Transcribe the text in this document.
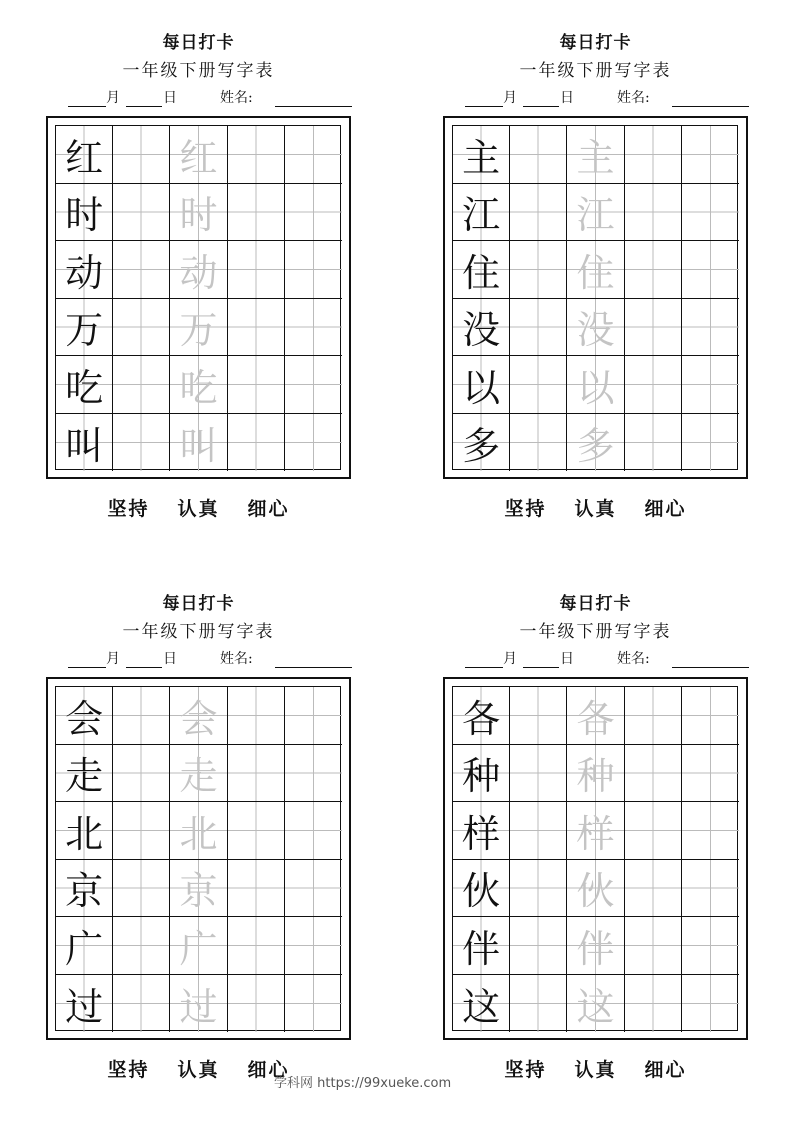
每日打卡
一年级下册写字表
月	日	姓名:
红 红
时 时
动 动
万 万
吃 吃
叫 叫
坚持 认真 细心
每日打卡
一年级下册写字表
月	日	姓名:
主 主
江 江
住 住
没 没
以 以
多 多
坚持 认真 细心
每日打卡
一年级下册写字表
月	日	姓名:
会 会
走 走
北 北
京 京
广 广
过 过
坚持 认真 细心
每日打卡
一年级下册写字表
月	日	姓名:
各 各
种 种
样 样
伙 伙
伴 伴
这 这
坚持 认真 细心
学科网 https://99xueke.com
